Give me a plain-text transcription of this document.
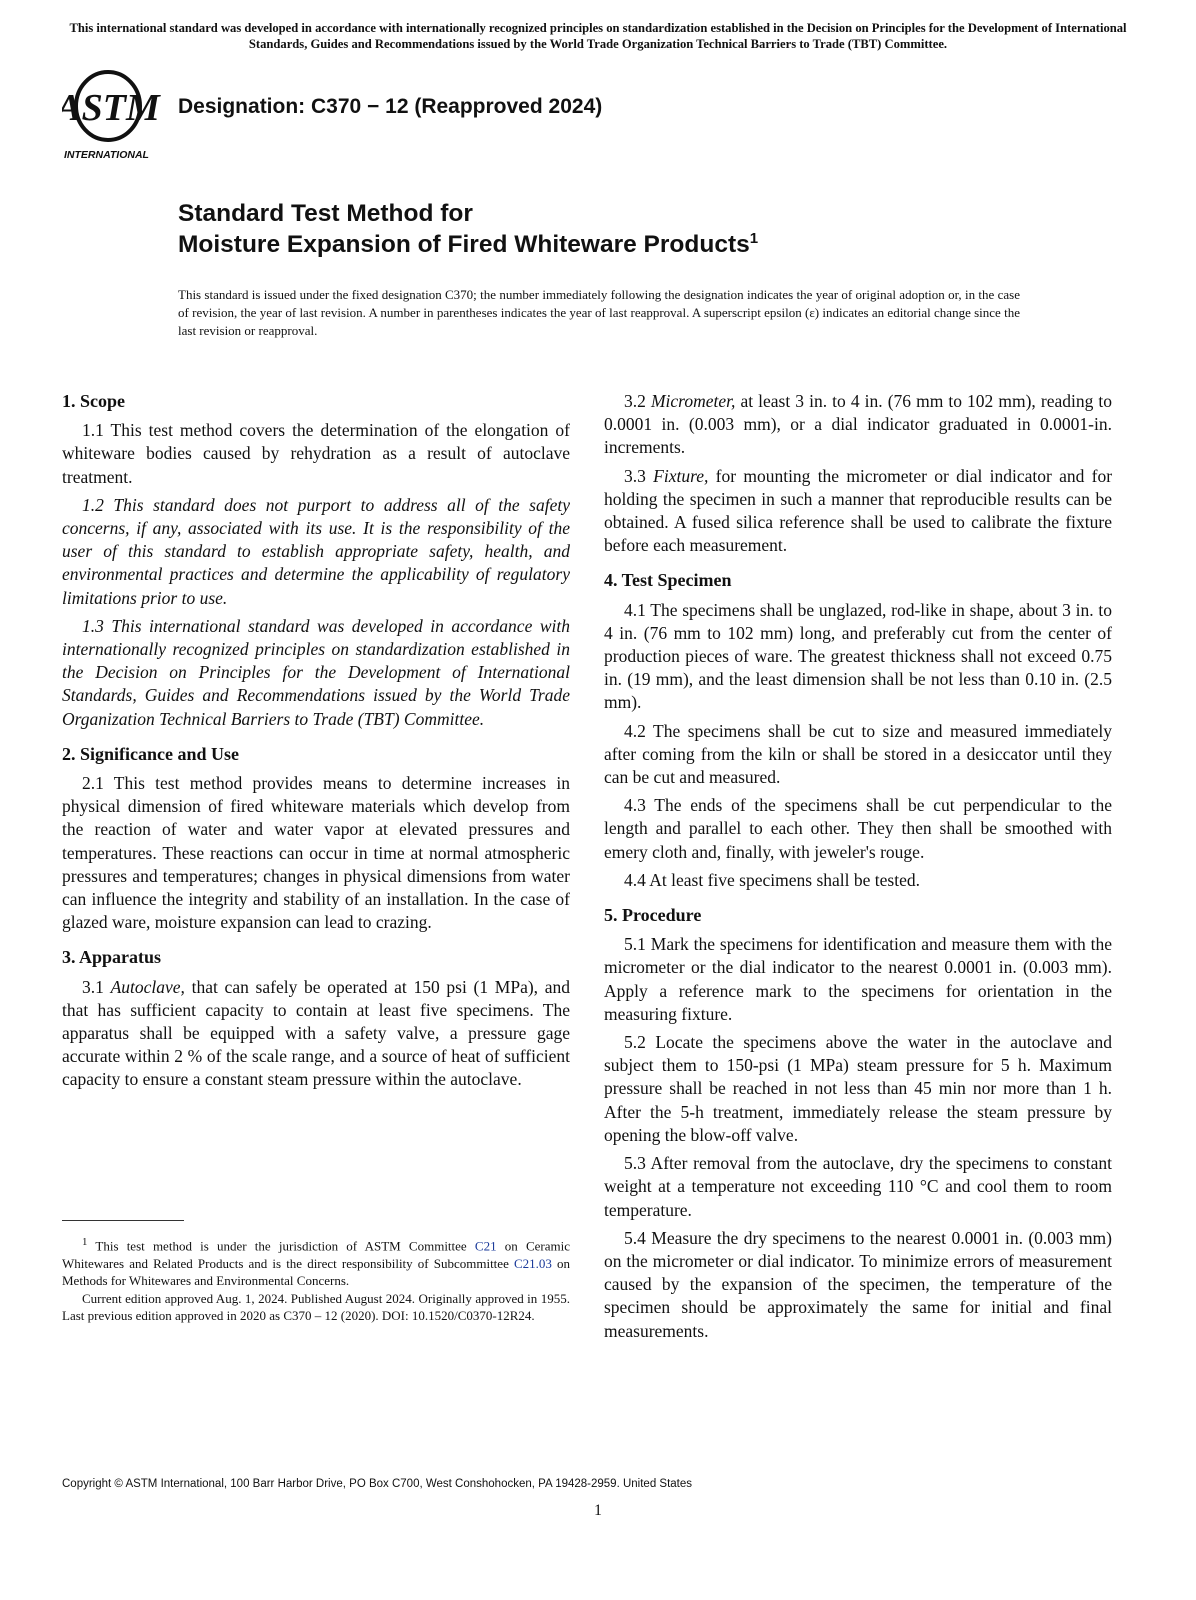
This international standard was developed in accordance with internationally recognized principles on standardization established in the Decision on Principles for the Development of International Standards, Guides and Recommendations issued by the World Trade Organization Technical Barriers to Trade (TBT) Committee.
ASTM
INTERNATIONAL
Designation: C370 − 12 (Reapproved 2024)
Standard Test Method for
Moisture Expansion of Fired Whiteware Products$^1$
This standard is issued under the fixed designation C370; the number immediately following the designation indicates the year of original adoption or, in the case of revision, the year of last revision. A number in parentheses indicates the year of last reapproval. A superscript epsilon (ε) indicates an editorial change since the last revision or reapproval.
1. Scope

1.1 This test method covers the determination of the elongation of whiteware bodies caused by rehydration as a result of autoclave treatment.

1.2 This standard does not purport to address all of the safety concerns, if any, associated with its use. It is the responsibility of the user of this standard to establish appropriate safety, health, and environmental practices and determine the applicability of regulatory limitations prior to use.

1.3 This international standard was developed in accordance with internationally recognized principles on standardization established in the Decision on Principles for the Development of International Standards, Guides and Recommendations issued by the World Trade Organization Technical Barriers to Trade (TBT) Committee.

2. Significance and Use

2.1 This test method provides means to determine increases in physical dimension of fired whiteware materials which develop from the reaction of water and water vapor at elevated pressures and temperatures. These reactions can occur in time at normal atmospheric pressures and temperatures; changes in physical dimensions from water can influence the integrity and stability of an installation. In the case of glazed ware, moisture expansion can lead to crazing.

3. Apparatus

3.1 Autoclave, that can safely be operated at 150 psi (1 MPa), and that has sufficient capacity to contain at least five specimens. The apparatus shall be equipped with a safety valve, a pressure gage accurate within 2 % of the scale range, and a source of heat of sufficient capacity to ensure a constant steam pressure within the autoclave.

$^1$ This test method is under the jurisdiction of ASTM Committee C21 on Ceramic Whitewares and Related Products and is the direct responsibility of Subcommittee C21.03 on Methods for Whitewares and Environmental Concerns.

Current edition approved Aug. 1, 2024. Published August 2024. Originally approved in 1955. Last previous edition approved in 2020 as C370 – 12 (2020). DOI: 10.1520/C0370-12R24.

3.2 Micrometer, at least 3 in. to 4 in. (76 mm to 102 mm), reading to 0.0001 in. (0.003 mm), or a dial indicator graduated in 0.0001-in. increments.

3.3 Fixture, for mounting the micrometer or dial indicator and for holding the specimen in such a manner that reproducible results can be obtained. A fused silica reference shall be used to calibrate the fixture before each measurement.

4. Test Specimen

4.1 The specimens shall be unglazed, rod-like in shape, about 3 in. to 4 in. (76 mm to 102 mm) long, and preferably cut from the center of production pieces of ware. The greatest thickness shall not exceed 0.75 in. (19 mm), and the least dimension shall be not less than 0.10 in. (2.5 mm).

4.2 The specimens shall be cut to size and measured immediately after coming from the kiln or shall be stored in a desiccator until they can be cut and measured.

4.3 The ends of the specimens shall be cut perpendicular to the length and parallel to each other. They then shall be smoothed with emery cloth and, finally, with jeweler's rouge.

4.4 At least five specimens shall be tested.

5. Procedure

5.1 Mark the specimens for identification and measure them with the micrometer or the dial indicator to the nearest 0.0001 in. (0.003 mm). Apply a reference mark to the specimens for orientation in the measuring fixture.

5.2 Locate the specimens above the water in the autoclave and subject them to 150-psi (1 MPa) steam pressure for 5 h. Maximum pressure shall be reached in not less than 45 min nor more than 1 h. After the 5-h treatment, immediately release the steam pressure by opening the blow-off valve.

5.3 After removal from the autoclave, dry the specimens to constant weight at a temperature not exceeding 110 °C and cool them to room temperature.

5.4 Measure the dry specimens to the nearest 0.0001 in. (0.003 mm) on the micrometer or dial indicator. To minimize errors of measurement caused by the expansion of the specimen, the temperature of the specimen should be approximately the same for initial and final measurements.

Copyright © ASTM International, 100 Barr Harbor Drive, PO Box C700, West Conshohocken, PA 19428-2959. United States
1
